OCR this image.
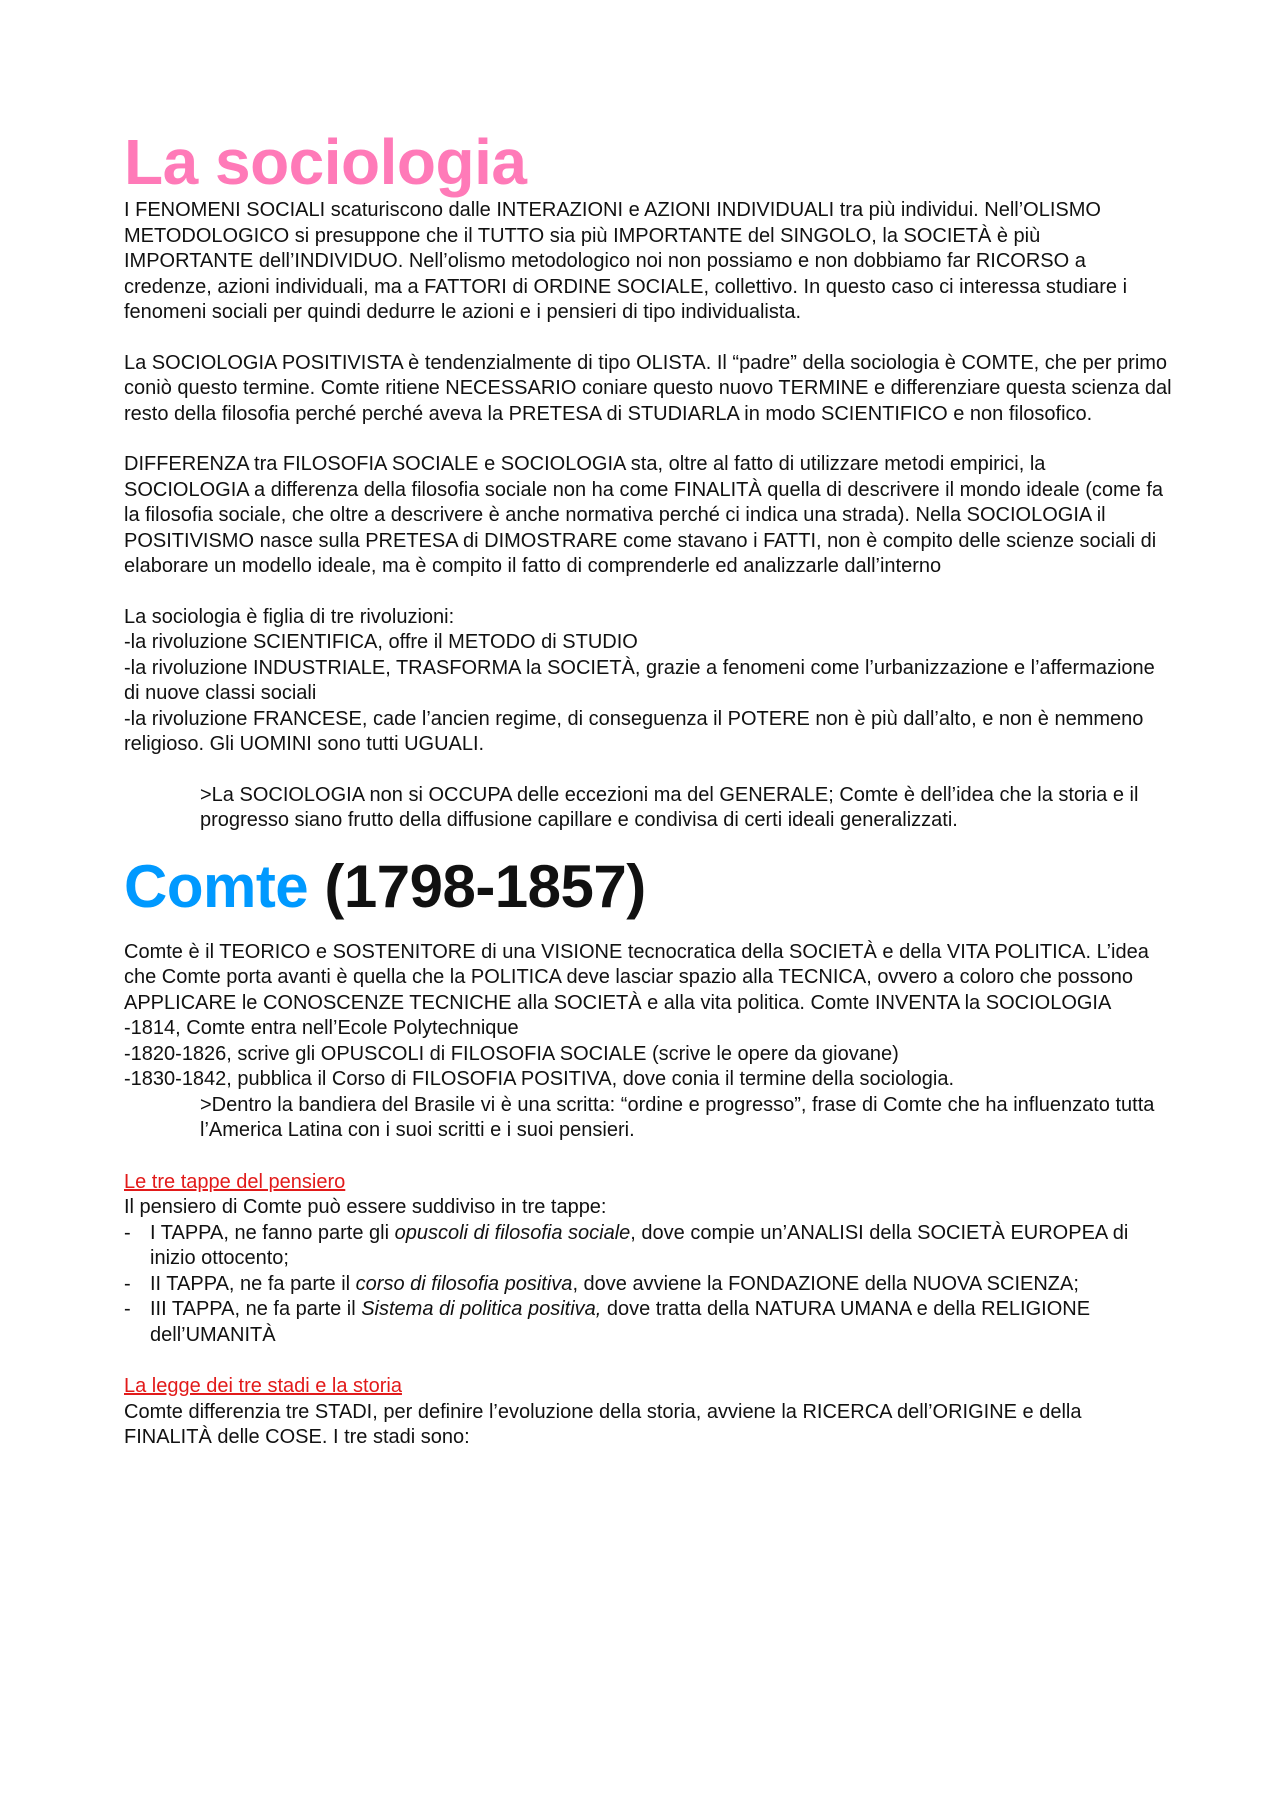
La sociologia

I FENOMENI SOCIALI scaturiscono dalle INTERAZIONI e AZIONI INDIVIDUALI tra più individui. Nell’OLISMO METODOLOGICO si presuppone che il TUTTO sia più IMPORTANTE del SINGOLO, la SOCIETÀ è più IMPORTANTE dell’INDIVIDUO. Nell’olismo metodologico noi non possiamo e non dobbiamo far RICORSO a credenze, azioni individuali, ma a FATTORI di ORDINE SOCIALE, collettivo. In questo caso ci interessa studiare i fenomeni sociali per quindi dedurre le azioni e i pensieri di tipo individualista.

La SOCIOLOGIA POSITIVISTA è tendenzialmente di tipo OLISTA. Il “padre” della sociologia è COMTE, che per primo coniò questo termine. Comte ritiene NECESSARIO coniare questo nuovo TERMINE e differenziare questa scienza dal resto della filosofia perché perché aveva la PRETESA di STUDIARLA in modo SCIENTIFICO e non filosofico.

DIFFERENZA tra FILOSOFIA SOCIALE e SOCIOLOGIA sta, oltre al fatto di utilizzare metodi empirici, la SOCIOLOGIA a differenza della filosofia sociale non ha come FINALITÀ quella di descrivere il mondo ideale (come fa la filosofia sociale, che oltre a descrivere è anche normativa perché ci indica una strada). Nella SOCIOLOGIA il POSITIVISMO nasce sulla PRETESA di DIMOSTRARE come stavano i FATTI, non è compito delle scienze sociali di elaborare un modello ideale, ma è compito il fatto di comprenderle ed analizzarle dall’interno

La sociologia è figlia di tre rivoluzioni:

-la rivoluzione SCIENTIFICA, offre il METODO di STUDIO

-la rivoluzione INDUSTRIALE, TRASFORMA la SOCIETÀ, grazie a fenomeni come l’urbanizzazione e l’affermazione di nuove classi sociali

-la rivoluzione FRANCESE, cade l’ancien regime, di conseguenza il POTERE non è più dall’alto, e non è nemmeno religioso. Gli UOMINI sono tutti UGUALI.

>La SOCIOLOGIA non si OCCUPA delle eccezioni ma del GENERALE; Comte è dell’idea che la storia e il progresso siano frutto della diffusione capillare e condivisa di certi ideali generalizzati.

Comte (1798-1857)

Comte è il TEORICO e SOSTENITORE di una VISIONE tecnocratica della SOCIETÀ e della VITA POLITICA. L’idea che Comte porta avanti è quella che la POLITICA deve lasciar spazio alla TECNICA, ovvero a coloro che possono APPLICARE le CONOSCENZE TECNICHE alla SOCIETÀ e alla vita politica. Comte INVENTA la SOCIOLOGIA

-1814, Comte entra nell’Ecole Polytechnique

-1820-1826, scrive gli OPUSCOLI di FILOSOFIA SOCIALE (scrive le opere da giovane)

-1830-1842, pubblica il Corso di FILOSOFIA POSITIVA, dove conia il termine della sociologia.

>Dentro la bandiera del Brasile vi è una scritta: “ordine e progresso”, frase di Comte che ha influenzato tutta l’America Latina con i suoi scritti e i suoi pensieri.

Le tre tappe del pensiero

Il pensiero di Comte può essere suddiviso in tre tappe:

- I TAPPA, ne fanno parte gli opuscoli di filosofia sociale, dove compie un’ANALISI della SOCIETÀ EUROPEA di inizio ottocento;
- II TAPPA, ne fa parte il corso di filosofia positiva, dove avviene la FONDAZIONE della NUOVA SCIENZA;
- III TAPPA, ne fa parte il Sistema di politica positiva, dove tratta della NATURA UMANA e della RELIGIONE dell’UMANITÀ
La legge dei tre stadi e la storia

Comte differenzia tre STADI, per definire l’evoluzione della storia, avviene la RICERCA dell’ORIGINE e della FINALITÀ delle COSE. I tre stadi sono:
